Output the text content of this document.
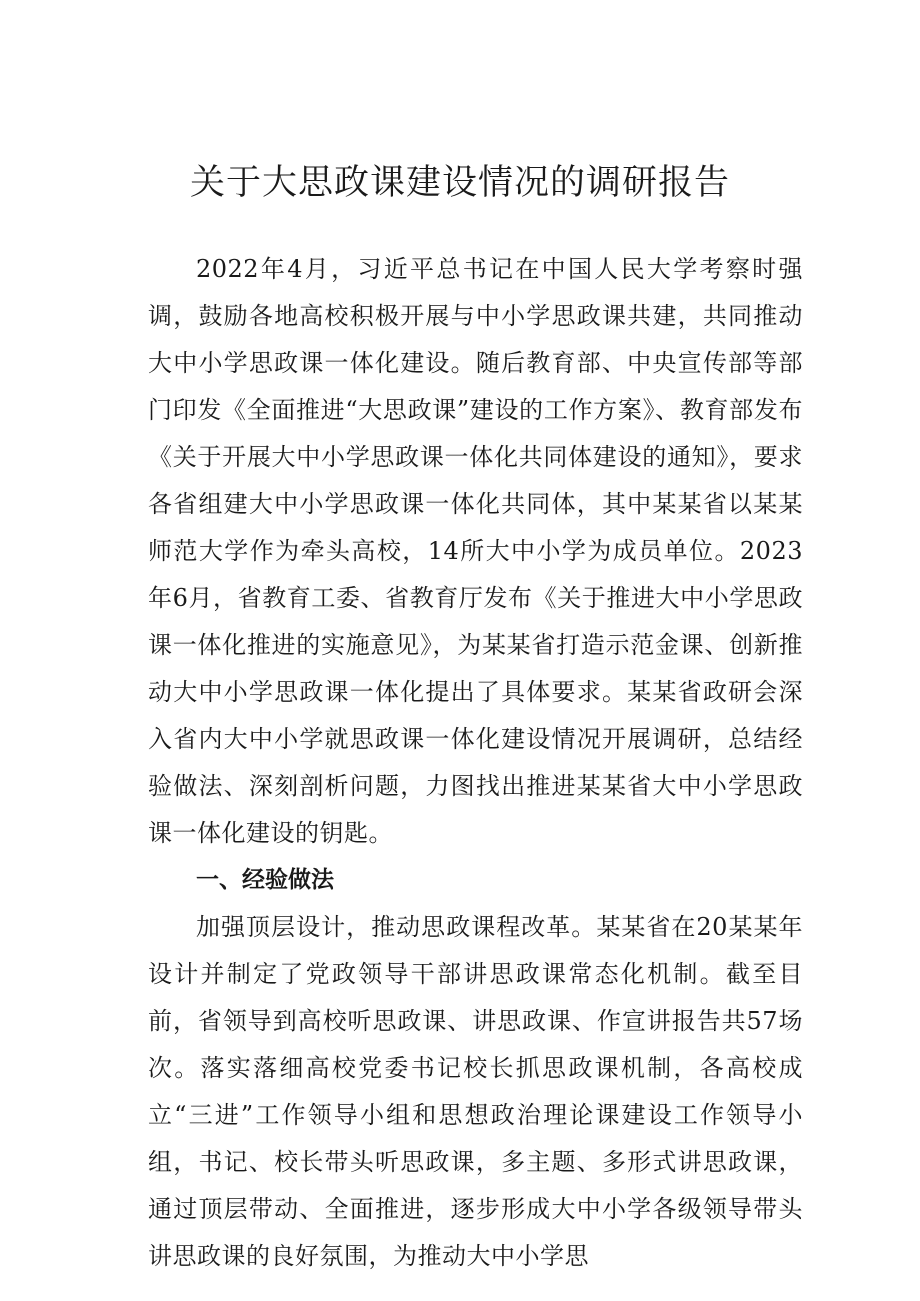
关于大思政课建设情况的调研报告

2022年4月，习近平总书记在中国人民大学考察时强调，鼓励各地高校积极开展与中小学思政课共建，共同推动大中小学思政课一体化建设。随后教育部、中央宣传部等部门印发《全面推进“大思政课”建设的工作方案》、教育部发布《关于开展大中小学思政课一体化共同体建设的通知》，要求各省组建大中小学思政课一体化共同体，其中某某省以某某师范大学作为牵头高校，14所大中小学为成员单位。2023年6月，省教育工委、省教育厅发布《关于推进大中小学思政课一体化推进的实施意见》，为某某省打造示范金课、创新推动大中小学思政课一体化提出了具体要求。某某省政研会深入省内大中小学就思政课一体化建设情况开展调研，总结经验做法、深刻剖析问题，力图找出推进某某省大中小学思政课一体化建设的钥匙。

一、经验做法

加强顶层设计，推动思政课程改革。某某省在20某某年设计并制定了党政领导干部讲思政课常态化机制。截至目前，省领导到高校听思政课、讲思政课、作宣讲报告共57场次。落实落细高校党委书记校长抓思政课机制，各高校成立“三进”工作领导小组和思想政治理论课建设工作领导小组，书记、校长带头听思政课，多主题、多形式讲思政课，通过顶层带动、全面推进，逐步形成大中小学各级领导带头讲思政课的良好氛围，为推动大中小学思
